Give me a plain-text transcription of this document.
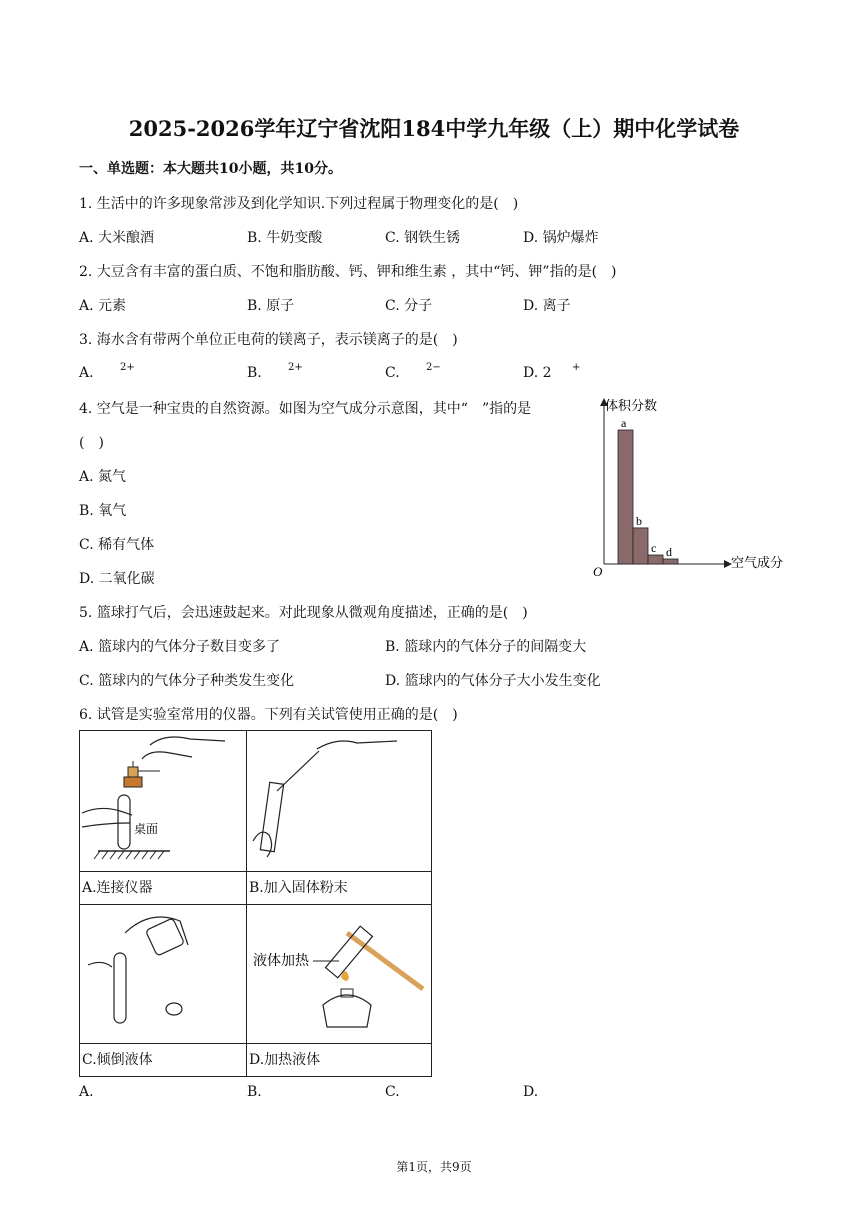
2025-2026学年辽宁省沈阳184中学九年级（上）期中化学试卷
一、单选题：本大题共10小题，共10分。
1. 生活中的许多现象常涉及到化学知识.下列过程属于物理变化的是(　)
A. 大米酿酒	B. 牛奶变酸	C. 钢铁生锈	D. 锅炉爆炸
2. 大豆含有丰富的蛋白质、不饱和脂肪酸、钙、钾和维生素 ，其中“钙、钾”指的是(　)
A. 元素	B. 原子	C. 分子	D. 离子
3. 海水含有带两个单位正电荷的镁离子，表示镁离子的是(　)
A.	2+	B.	2+	C.	2−	D. 2 +
4. 空气是一种宝贵的自然资源。如图为空气成分示意图，其中“　”指的是
(　)
A. 氮气
B. 氧气
C. 稀有气体
D. 二氧化碳
体积分数
空气成分
O
a
b
c d
5. 篮球打气后，会迅速鼓起来。对此现象从微观角度描述，正确的是(　)
A. 篮球内的气体分子数目变多了	B. 篮球内的气体分子的间隔变大
C. 篮球内的气体分子种类发生变化	D. 篮球内的气体分子大小发生变化
6. 试管是实验室常用的仪器。下列有关试管使用正确的是(　)
桌面

A.连接仪器	B.加入固体粉末

液体加热

C.倾倒液体	D.加热液体
A.	B.	C.	D.
第1页，共9页
